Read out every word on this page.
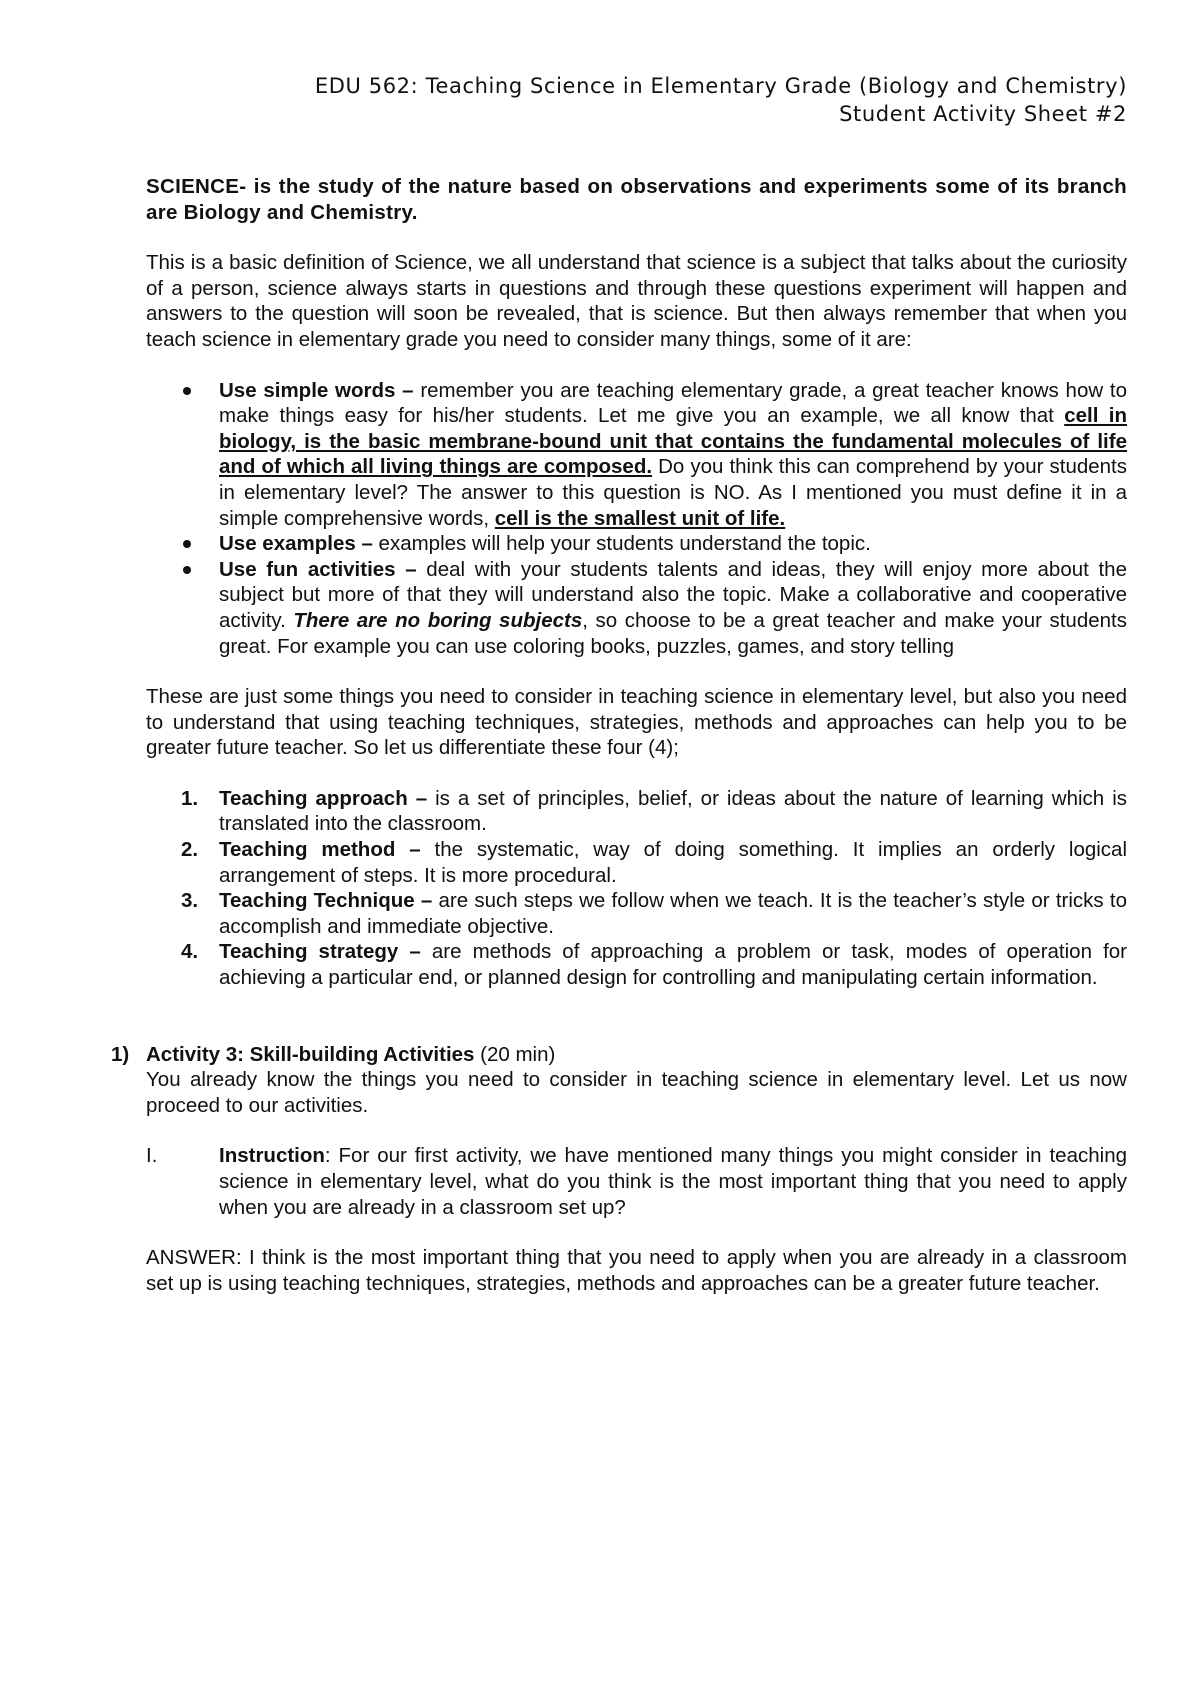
EDU 562: Teaching Science in Elementary Grade (Biology and Chemistry)
Student Activity Sheet #2

SCIENCE- is the study of the nature based on observations and experiments some of its branch are Biology and Chemistry.

This is a basic definition of Science, we all understand that science is a subject that talks about the curiosity of a person, science always starts in questions and through these questions experiment will happen and answers to the question will soon be revealed, that is science. But then always remember that when you teach science in elementary grade you need to consider many things, some of it are:

Use simple words – remember you are teaching elementary grade, a great teacher knows how to make things easy for his/her students. Let me give you an example, we all know that cell in biology, is the basic membrane-bound unit that contains the fundamental molecules of life and of which all living things are composed. Do you think this can comprehend by your students in elementary level? The answer to this question is NO. As I mentioned you must define it in a simple comprehensive words, cell is the smallest unit of life.
Use examples – examples will help your students understand the topic.
Use fun activities – deal with your students talents and ideas, they will enjoy more about the subject but more of that they will understand also the topic. Make a collaborative and cooperative activity. There are no boring subjects, so choose to be a great teacher and make your students great. For example you can use coloring books, puzzles, games, and story telling

These are just some things you need to consider in teaching science in elementary level, but also you need to understand that using teaching techniques, strategies, methods and approaches can help you to be greater future teacher. So let us differentiate these four (4);

1. Teaching approach – is a set of principles, belief, or ideas about the nature of learning which is translated into the classroom.
2. Teaching method – the systematic, way of doing something. It implies an orderly logical arrangement of steps. It is more procedural.
3. Teaching Technique – are such steps we follow when we teach. It is the teacher’s style or tricks to accomplish and immediate objective.
4. Teaching strategy – are methods of approaching a problem or task, modes of operation for achieving a particular end, or planned design for controlling and manipulating certain information.
1) Activity 3: Skill-building Activities (20 min)

You already know the things you need to consider in teaching science in elementary level. Let us now proceed to our activities.

I.	Instruction: For our first activity, we have mentioned many things you might consider in teaching science in elementary level, what do you think is the most important thing that you need to apply when you are already in a classroom set up?

ANSWER: I think is the most important thing that you need to apply when you are already in a classroom set up is using teaching techniques, strategies, methods and approaches can be a greater future teacher.
